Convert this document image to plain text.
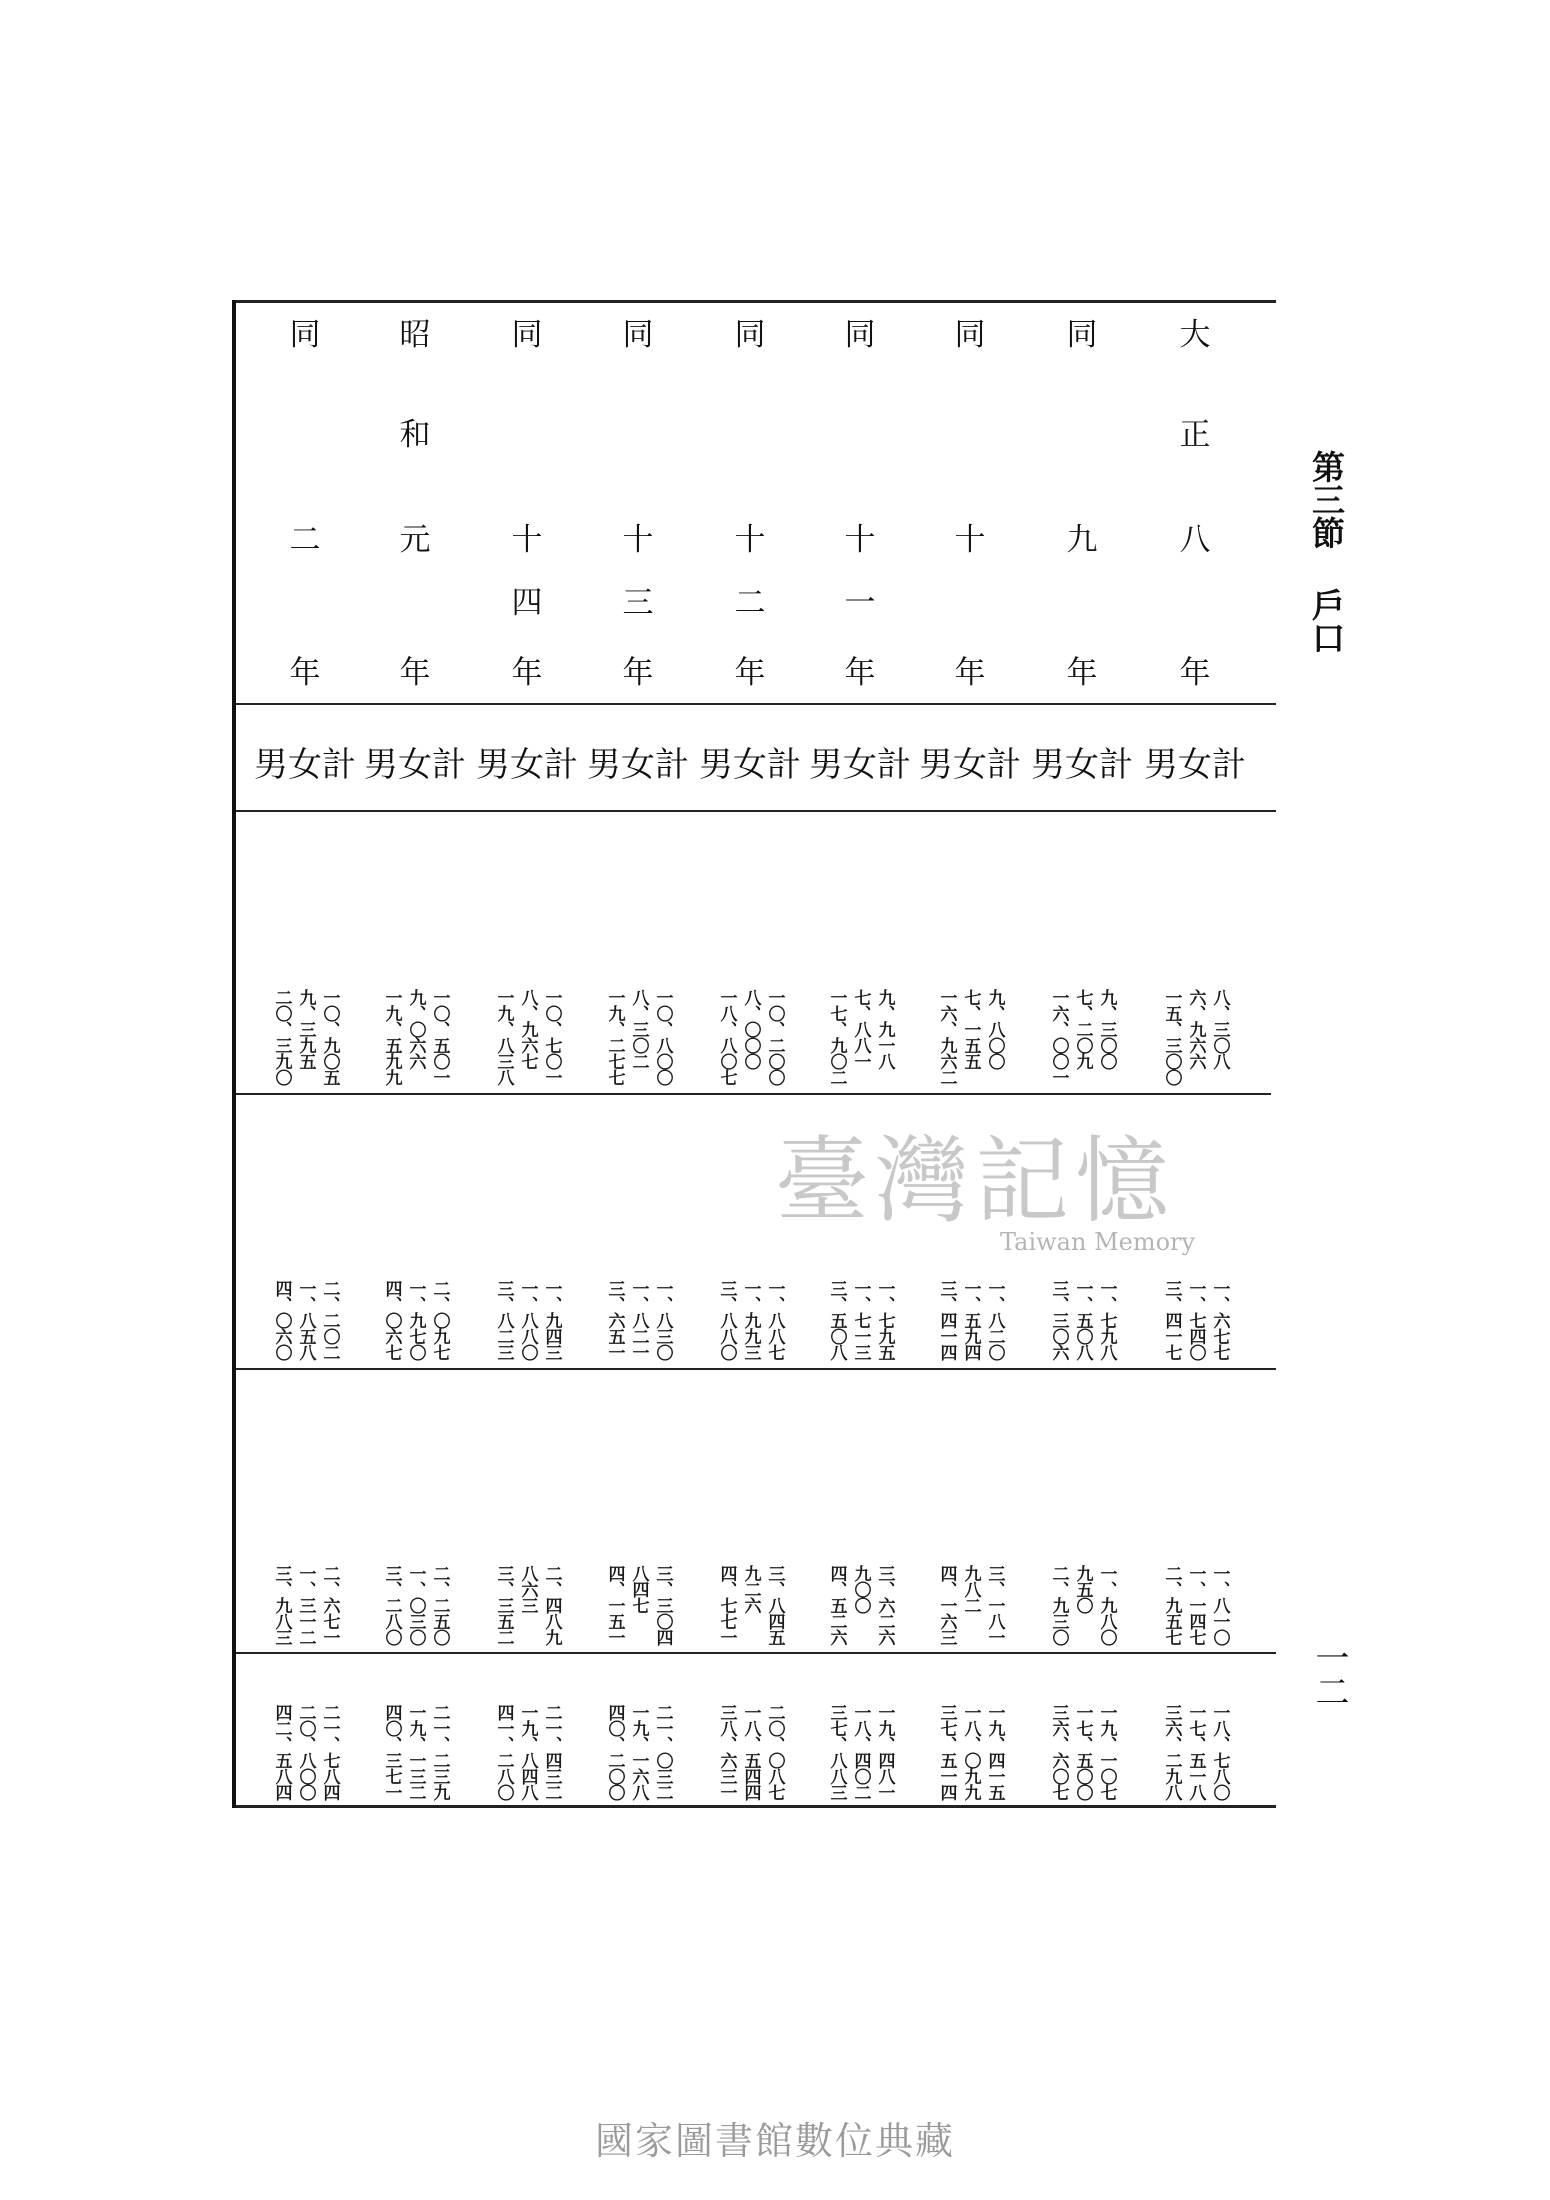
第三節 戶口
大
正
八
年
同
九
年
同
十
年
同
十
一
年
同
十
二
年
同
十
三
年
同
十
四
年
昭
和
元
年
同
二
年
男女計
男女計
男女計
男女計
男女計
男女計
男女計
男女計
男女計
八、三〇八
六、九六六
一五、三〇〇
九、三〇〇
七、二〇九
一六、〇〇一
九、八〇〇
七、一五五
一六、九六二
九、九一八
七、八八一
一七、九〇二
一〇、二〇〇
八、〇〇〇
一八、八〇七
一〇、八〇〇
八、三〇二
一九、二七七
一〇、七〇一
八、九六七
一九、八三八
一〇、五〇一
九、〇六六
一九、五九九
一〇、九〇五
九、三九五
二〇、三九〇
一、六七七
一、七四〇
三、四一七
一、七九八
一、五〇八
三、三〇六
一、八二〇
一、五九四
三、四一四
一、七九五
一、七一三
三、五〇八
一、八八七
一、九九三
三、八八〇
一、八三〇
一、八二一
三、六五一
一、九四三
一、八八〇
三、八二三
二、〇九七
一、九七〇
四、〇六七
二、二〇二
一、八五八
四、〇六〇
一、八一〇
一、一四七
二、九五七
一、九八〇
九五〇
二、九三〇
三、一八一
九八二
四、一六三
三、六二六
九〇〇
四、五二六
三、八四五
九二六
四、七七一
三、三〇四
八四七
四、一五一
二、四八九
八六三
三、三五二
二、二五〇
一、〇三〇
三、二八〇
二、六七一
一、三一二
三、九八三
一八、七八〇
一七、五一八
三六、二九八
一九、一〇七
一七、五〇〇
三六、六〇七
一九、四一五
一八、〇九九
三七、五一四
一九、四八一
一八、四〇二
三七、八八三
二〇、〇八七
一八、五四四
三八、六三一
二一、〇三二
一九、一六八
四〇、二〇〇
二一、四三二
一九、八四八
四一、二八〇
二一、二三九
一九、一三二
四〇、三七一
二一、七八四
二〇、八〇〇
四二、五八四
臺灣記憶
Taiwan Memory
一二
國家圖書館數位典藏
